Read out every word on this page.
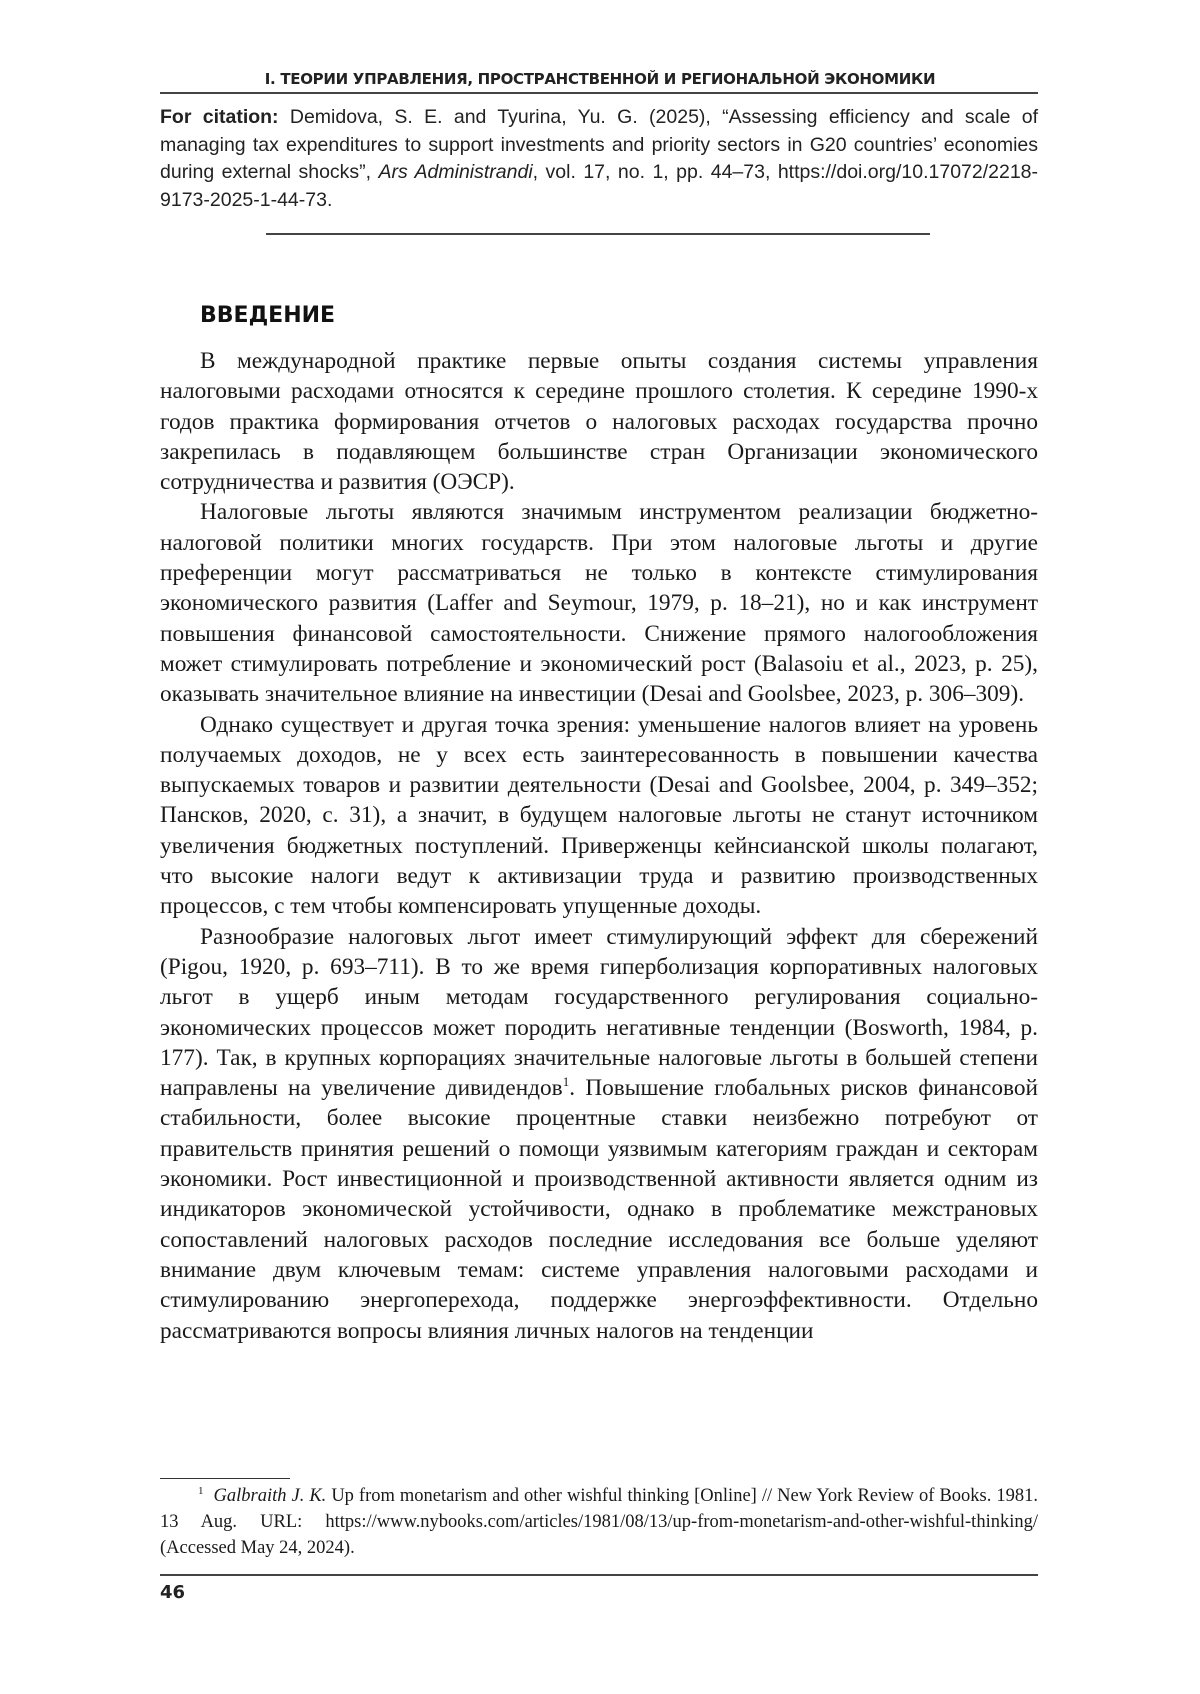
I. ТЕОРИИ УПРАВЛЕНИЯ, ПРОСТРАНСТВЕННОЙ И РЕГИОНАЛЬНОЙ ЭКОНОМИКИ
For citation: Demidova, S. E. and Tyurina, Yu. G. (2025), “Assessing efficiency and scale of managing tax expenditures to support investments and priority sectors in G20 countries’ economies during external shocks”, Ars Administrandi, vol. 17, no. 1, pp. 44–73, https://doi.org/10.17072/2218-9173-2025-1-44-73.
ВВЕДЕНИЕ

В международной практике первые опыты создания системы управления налоговыми расходами относятся к середине прошлого столетия. К середине 1990-х годов практика формирования отчетов о налоговых расходах государства прочно закрепилась в подавляющем большинстве стран Организации экономического сотрудничества и развития (ОЭСР).

Налоговые льготы являются значимым инструментом реализации бюджетно-налоговой политики многих государств. При этом налоговые льготы и другие преференции могут рассматриваться не только в контексте стимулирования экономического развития (Laffer and Seymour, 1979, p. 18–21), но и как инструмент повышения финансовой самостоятельности. Снижение прямого налогообложения может стимулировать потребление и экономический рост (Balasoiu et al., 2023, p. 25), оказывать значительное влияние на инвестиции (Desai and Goolsbee, 2023, p. 306–309).

Однако существует и другая точка зрения: уменьшение налогов влияет на уровень получаемых доходов, не у всех есть заинтересованность в повышении качества выпускаемых товаров и развитии деятельности (Desai and Goolsbee, 2004, p. 349–352; Пансков, 2020, с. 31), а значит, в будущем налоговые льготы не станут источником увеличения бюджетных поступлений. Приверженцы кейнсианской школы полагают, что высокие налоги ведут к активизации труда и развитию производственных процессов, с тем чтобы компенсировать упущенные доходы.

Разнообразие налоговых льгот имеет стимулирующий эффект для сбережений (Pigou, 1920, p. 693–711). В то же время гиперболизация корпоративных налоговых льгот в ущерб иным методам государственного регулирования социально-экономических процессов может породить негативные тенденции (Bosworth, 1984, p. 177). Так, в крупных корпорациях значительные налоговые льготы в большей степени направлены на увеличение дивидендов$^1$. Повышение глобальных рисков финансовой стабильности, более высокие процентные ставки неизбежно потребуют от правительств принятия решений о помощи уязвимым категориям граждан и секторам экономики. Рост инвестиционной и производственной активности является одним из индикаторов экономической устойчивости, однако в проблематике межстрановых сопоставлений налоговых расходов последние исследования все больше уделяют внимание двум ключевым темам: системе управления налоговыми расходами и стимулированию энергоперехода, поддержке энергоэффективности. Отдельно рассматриваются вопросы влияния личных налогов на тенденции

$^1$ Galbraith J. K. Up from monetarism and other wishful thinking [Online] // New York Review of Books. 1981. 13 Aug. URL: https://www.nybooks.com/articles/1981/08/13/up-from-monetarism-and-other-wishful-thinking/ (Accessed May 24, 2024).
46
